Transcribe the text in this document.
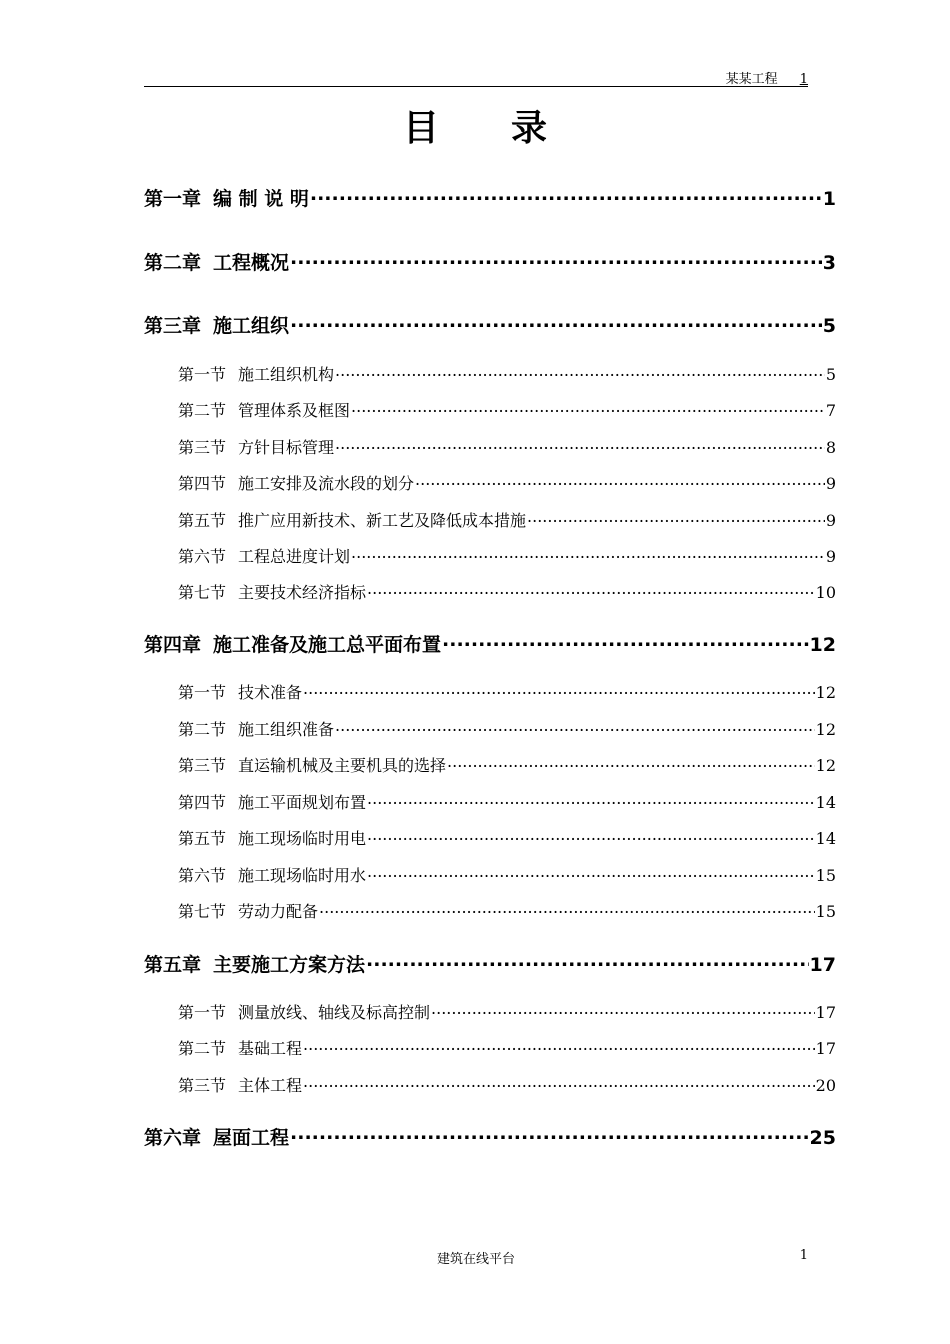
某某工程 1
目录
第一章 编 制 说 明 .....	1
第二章 工程概况 .....	3
第三章 施工组织 .....	5
第一节 施工组织机构 .....	5
第二节 管理体系及框图 .....	7
第三节 方针目标管理 .....	8
第四节 施工安排及流水段的划分 .....	9
第五节 推广应用新技术、新工艺及降低成本措施 .....	9
第六节 工程总进度计划 .....	9
第七节 主要技术经济指标 .....	10
第四章 施工准备及施工总平面布置 .....	12
第一节 技术准备 .....	12
第二节 施工组织准备 .....	12
第三节 直运输机械及主要机具的选择 .....	12
第四节 施工平面规划布置 .....	14
第五节 施工现场临时用电 .....	14
第六节 施工现场临时用水 .....	15
第七节 劳动力配备 .....	15
第五章 主要施工方案方法 .....	17
第一节 测量放线、轴线及标高控制 .....	17
第二节 基础工程 .....	17
第三节 主体工程 .....	20
第六章 屋面工程 .....	25
建筑在线平台	1
